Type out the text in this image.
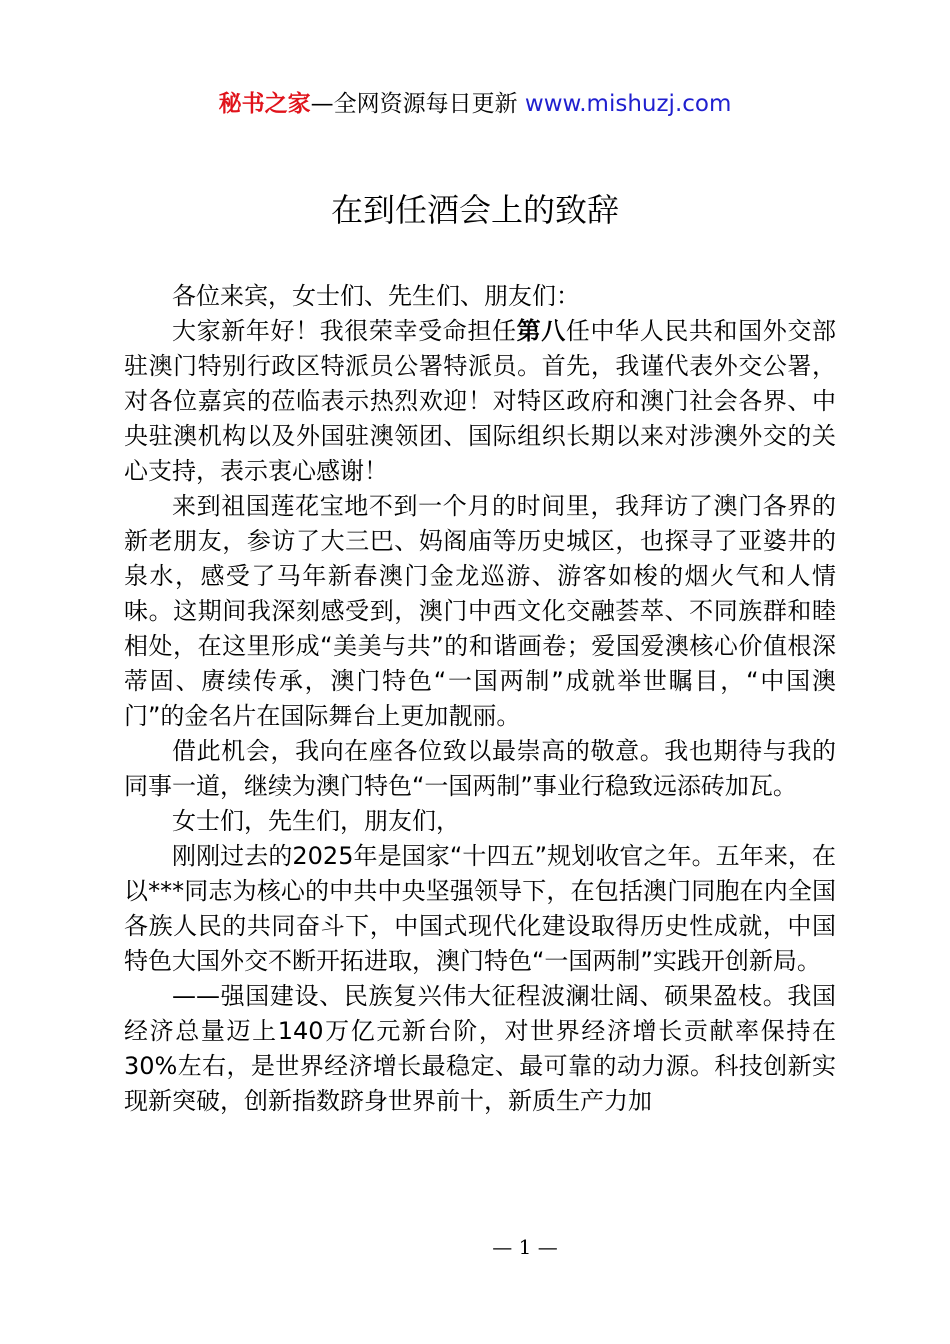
秘书之家—全网资源每日更新 www.mishuzj.com
在到任酒会上的致辞

各位来宾，女士们、先生们、朋友们：

大家新年好！我很荣幸受命担任第八任中华人民共和国外交部驻澳门特别行政区特派员公署特派员。首先，我谨代表外交公署，对各位嘉宾的莅临表示热烈欢迎！对特区政府和澳门社会各界、中央驻澳机构以及外国驻澳领团、国际组织长期以来对涉澳外交的关心支持，表示衷心感谢！

来到祖国莲花宝地不到一个月的时间里，我拜访了澳门各界的新老朋友，参访了大三巴、妈阁庙等历史城区，也探寻了亚婆井的泉水，感受了马年新春澳门金龙巡游、游客如梭的烟火气和人情味。这期间我深刻感受到，澳门中西文化交融荟萃、不同族群和睦相处，在这里形成“美美与共”的和谐画卷；爱国爱澳核心价值根深蒂固、赓续传承，澳门特色“一国两制”成就举世瞩目，“中国澳门”的金名片在国际舞台上更加靓丽。

借此机会，我向在座各位致以最崇高的敬意。我也期待与我的同事一道，继续为澳门特色“一国两制”事业行稳致远添砖加瓦。

女士们，先生们，朋友们，

刚刚过去的2025年是国家“十四五”规划收官之年。五年来，在以***同志为核心的中共中央坚强领导下，在包括澳门同胞在内全国各族人民的共同奋斗下，中国式现代化建设取得历史性成就，中国特色大国外交不断开拓进取，澳门特色“一国两制”实践开创新局。

——强国建设、民族复兴伟大征程波澜壮阔、硕果盈枝。我国经济总量迈上140万亿元新台阶，对世界经济增长贡献率保持在30%左右，是世界经济增长最稳定、最可靠的动力源。科技创新实现新突破，创新指数跻身世界前十，新质生产力加

— 1 —
